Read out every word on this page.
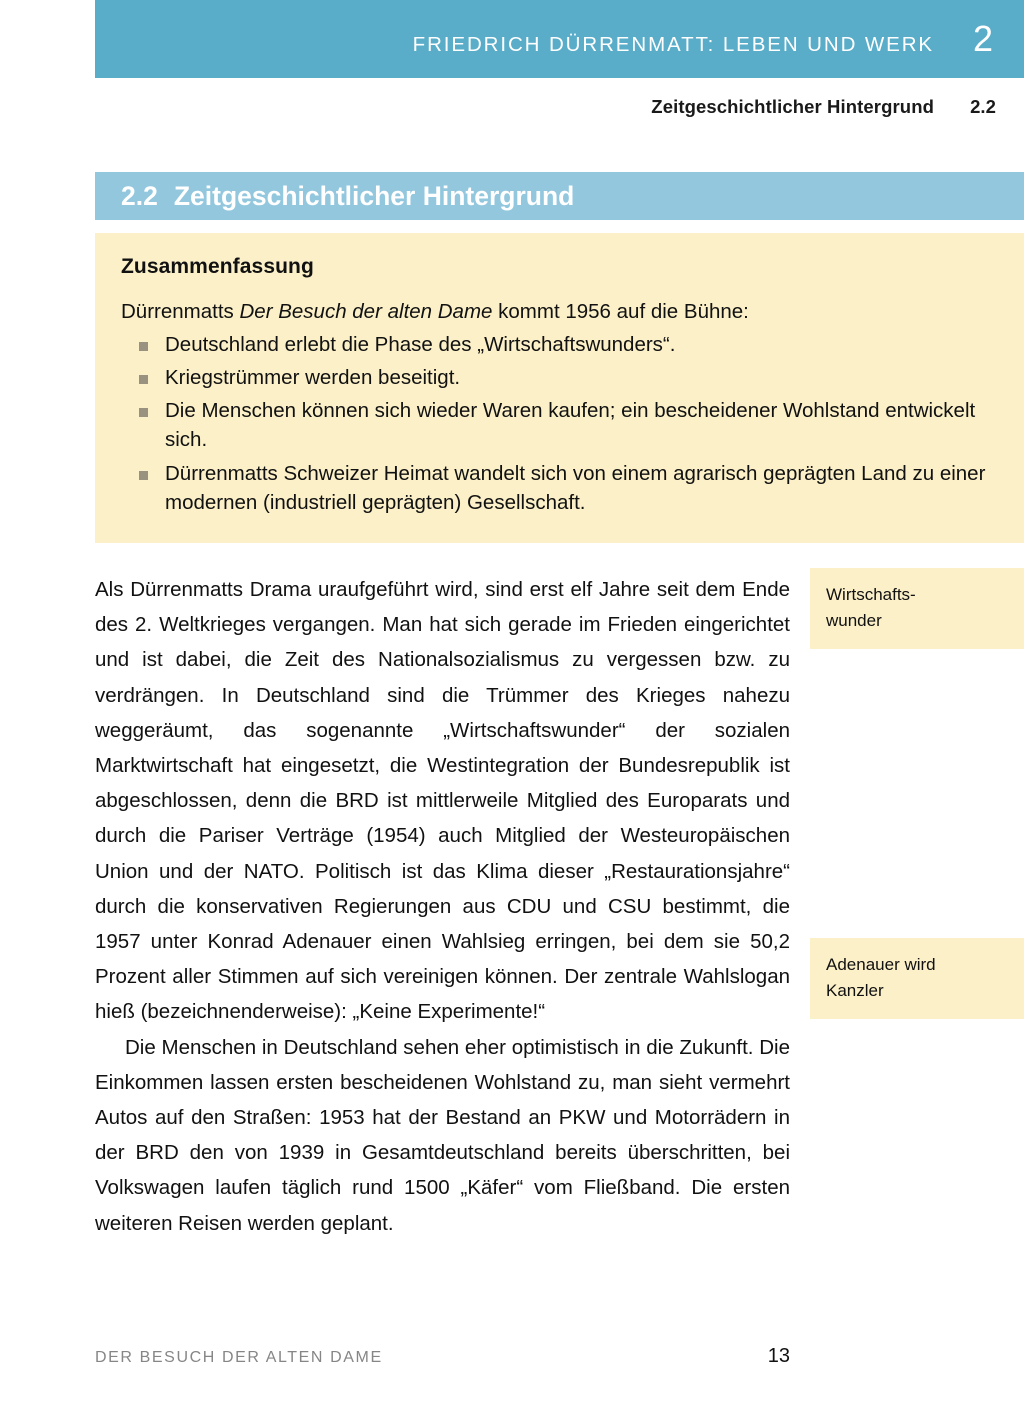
FRIEDRICH DÜRRENMATT: LEBEN UND WERK	2
Zeitgeschichtlicher Hintergrund	2.2
2.2 Zeitgeschichtlicher Hintergrund
Zusammenfassung

Dürrenmatts Der Besuch der alten Dame kommt 1956 auf die Bühne:

Deutschland erlebt die Phase des „Wirtschaftswunders“.
Kriegstrümmer werden beseitigt.
Die Menschen können sich wieder Waren kaufen; ein bescheidener Wohlstand entwickelt sich.
Dürrenmatts Schweizer Heimat wandelt sich von einem agrarisch geprägten Land zu einer modernen (industriell geprägten) Gesellschaft.

Als Dürrenmatts Drama uraufgeführt wird, sind erst elf Jahre seit dem Ende des 2. Weltkrieges vergangen. Man hat sich gerade im Frieden eingerichtet und ist dabei, die Zeit des Nationalsozialismus zu vergessen bzw. zu verdrängen. In Deutschland sind die Trümmer des Krieges nahezu weggeräumt, das sogenannte „Wirtschaftswunder“ der sozialen Marktwirtschaft hat eingesetzt, die Westintegration der Bundesrepublik ist abgeschlossen, denn die BRD ist mittlerweile Mitglied des Europarats und durch die Pariser Verträge (1954) auch Mitglied der Westeuropäischen Union und der NATO. Politisch ist das Klima dieser „Restaurationsjahre“ durch die konservativen Regierungen aus CDU und CSU bestimmt, die 1957 unter Konrad Adenauer einen Wahlsieg erringen, bei dem sie 50,2 Prozent aller Stimmen auf sich vereinigen können. Der zentrale Wahlslogan hieß (bezeichnenderweise): „Keine Experimente!“

Die Menschen in Deutschland sehen eher optimistisch in die Zukunft. Die Einkommen lassen ersten bescheidenen Wohlstand zu, man sieht vermehrt Autos auf den Straßen: 1953 hat der Bestand an PKW und Motorrädern in der BRD den von 1939 in Gesamtdeutschland bereits überschritten, bei Volkswagen laufen täglich rund 1500 „Käfer“ vom Fließband. Die ersten weiteren Reisen werden geplant.

Wirtschafts-
wunder
Adenauer wird
Kanzler
DER BESUCH DER ALTEN DAME	13
